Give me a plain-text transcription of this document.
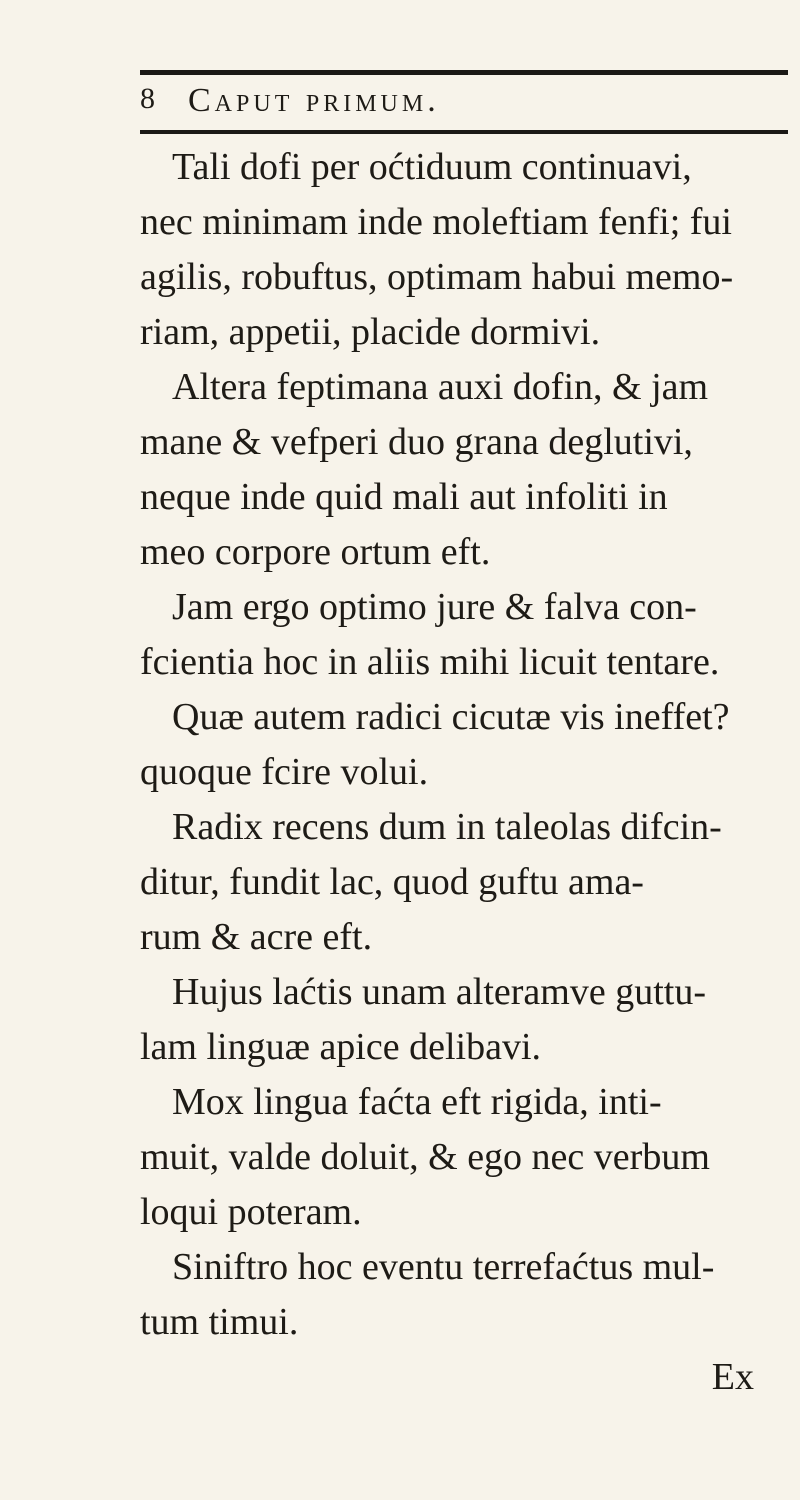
8 Caput primum.
Tali dofi per oćtiduum continuavi,
nec minimam inde moleftiam fenfi; fui
agilis, robuftus, optimam habui memo-
riam, appetii, placide dormivi.
Altera feptimana auxi dofin, & jam
mane & vefperi duo grana deglutivi,
neque inde quid mali aut infoliti in
meo corpore ortum eft.
Jam ergo optimo jure & falva con-
fcientia hoc in aliis mihi licuit tentare.
Quæ autem radici cicutæ vis ineffet?
quoque fcire volui.
Radix recens dum in taleolas difcin-
ditur, fundit lac, quod guftu ama-
rum & acre eft.
Hujus laćtis unam alteramve guttu-
lam linguæ apice delibavi.
Mox lingua faćta eft rigida, inti-
muit, valde doluit, & ego nec verbum
loqui poteram.
Siniftro hoc eventu terrefaćtus mul-
tum timui.
Ex
